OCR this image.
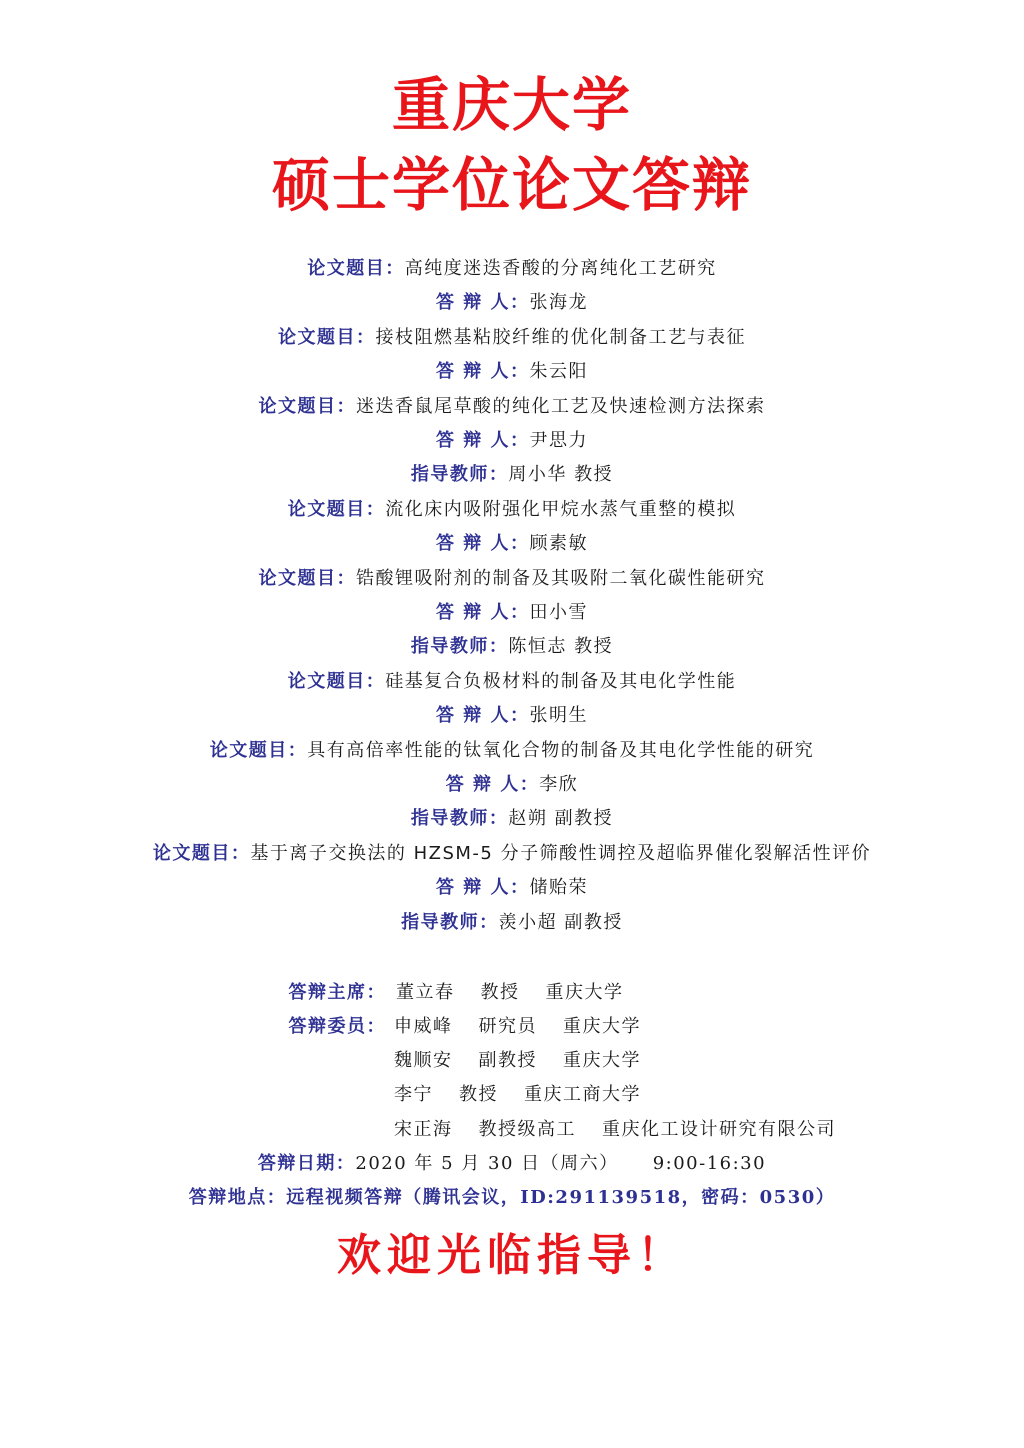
重庆大学
硕士学位论文答辩
论文题目：高纯度迷迭香酸的分离纯化工艺研究
答 辩 人：张海龙
论文题目：接枝阻燃基粘胶纤维的优化制备工艺与表征
答 辩 人：朱云阳
论文题目：迷迭香鼠尾草酸的纯化工艺及快速检测方法探索
答 辩 人：尹思力
指导教师：周小华 教授
论文题目：流化床内吸附强化甲烷水蒸气重整的模拟
答 辩 人：顾素敏
论文题目：锆酸锂吸附剂的制备及其吸附二氧化碳性能研究
答 辩 人：田小雪
指导教师：陈恒志 教授
论文题目：硅基复合负极材料的制备及其电化学性能
答 辩 人：张明生
论文题目：具有高倍率性能的钛氧化合物的制备及其电化学性能的研究
答 辩 人：李欣
指导教师：赵朔 副教授
论文题目：基于离子交换法的 HZSM-5 分子筛酸性调控及超临界催化裂解活性评价
答 辩 人：储贻荣
指导教师：羡小超 副教授
答辩主席： 董立春 教授 重庆大学
答辩委员： 申威峰 研究员 重庆大学
魏顺安 副教授 重庆大学
李宁 教授 重庆工商大学
宋正海 教授级高工 重庆化工设计研究有限公司
答辩日期：2020 年 5 月 30 日（周六） 9:00-16:30
答辩地点：远程视频答辩（腾讯会议，ID:291139518，密码：0530）
欢迎光临指导！
